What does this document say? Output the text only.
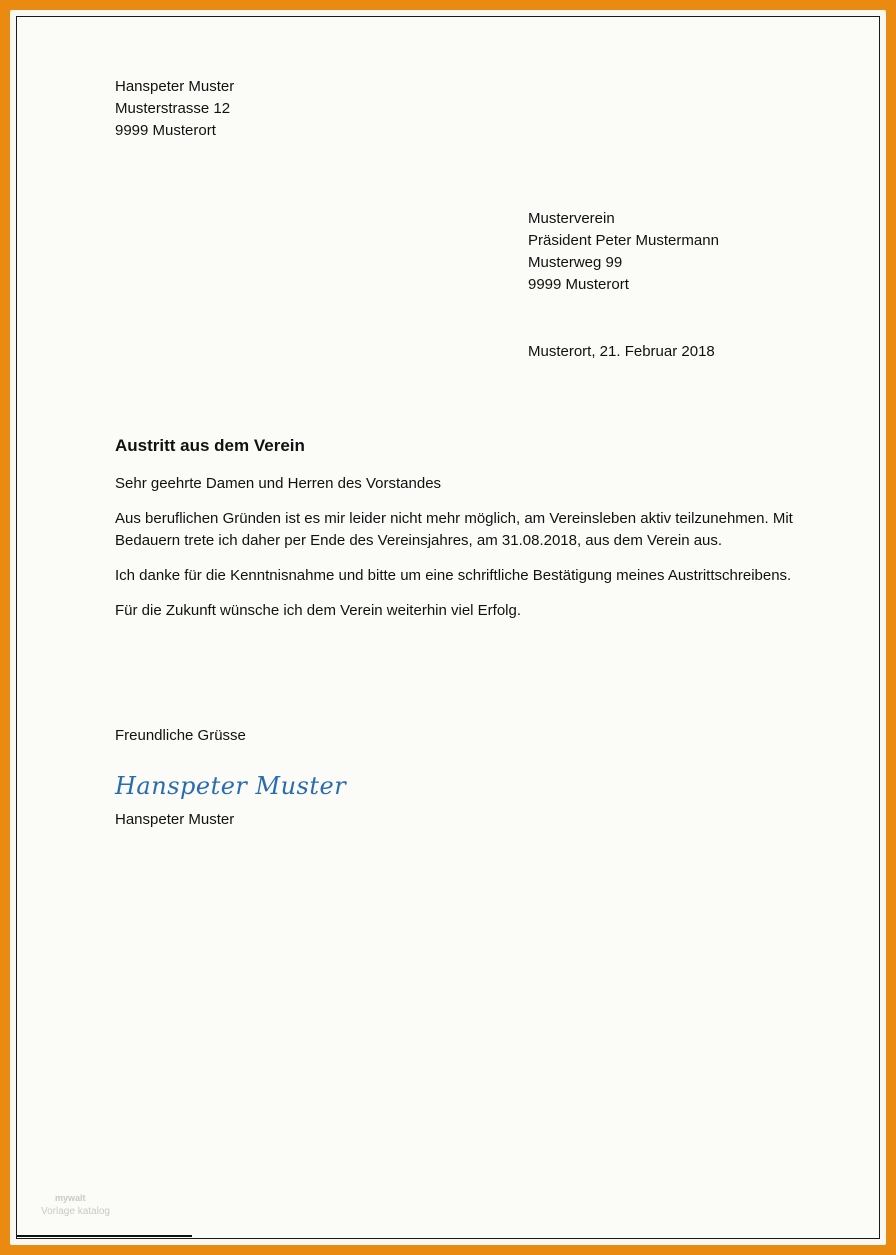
Hanspeter Muster
Musterstrasse 12
9999 Musterort
Musterverein
Präsident Peter Mustermann
Musterweg 99
9999 Musterort
Musterort, 21. Februar 2018
Austritt aus dem Verein

Sehr geehrte Damen und Herren des Vorstandes

Aus beruflichen Gründen ist es mir leider nicht mehr möglich, am Vereinsleben aktiv teilzunehmen. Mit Bedauern trete ich daher per Ende des Vereinsjahres, am 31.08.2018, aus dem Verein aus.

Ich danke für die Kenntnisnahme und bitte um eine schriftliche Bestätigung meines Austrittschreibens.

Für die Zukunft wünsche ich dem Verein weiterhin viel Erfolg.

Freundliche Grüsse
Hanspeter Muster
Hanspeter Muster
mywalt
Vorlage katalog
